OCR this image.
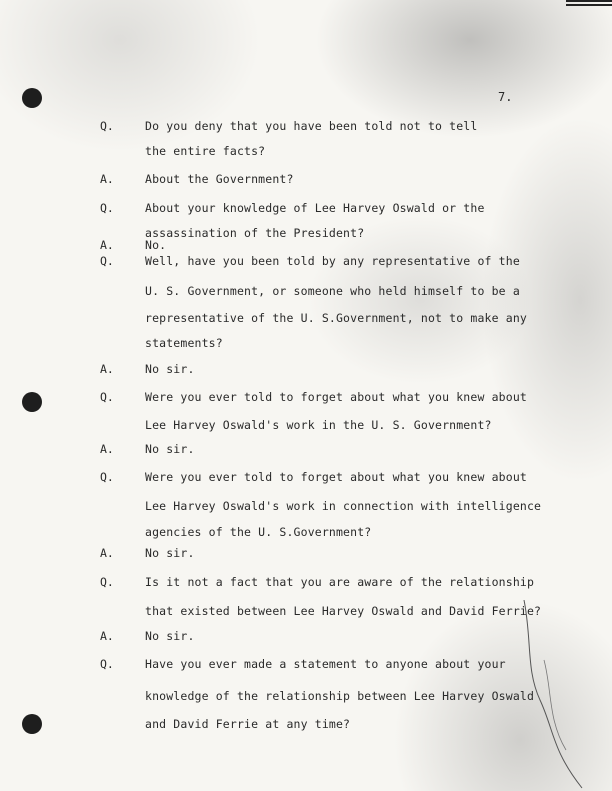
7.
Q.	Do you deny that you have been told not to tell
the entire facts?
A.	About the Government?
Q.	About your knowledge of Lee Harvey Oswald or the
assassination of the President?
A.	No.
Q.	Well, have you been told by any representative of the
U. S. Government, or someone who held himself to be a
representative of the U. S.Government, not to make any
statements?
A.	No sir.
Q.	Were you ever told to forget about what you knew about
Lee Harvey Oswald's work in the U. S. Government?
A.	No sir.
Q.	Were you ever told to forget about what you knew about
Lee Harvey Oswald's work in connection with intelligence
agencies of the U. S.Government?
A.	No sir.
Q.	Is it not a fact that you are aware of the relationship
that existed between Lee Harvey Oswald and David Ferrie?
A.	No sir.
Q.	Have you ever made a statement to anyone about your
knowledge of the relationship between Lee Harvey Oswald
and David Ferrie at any time?
